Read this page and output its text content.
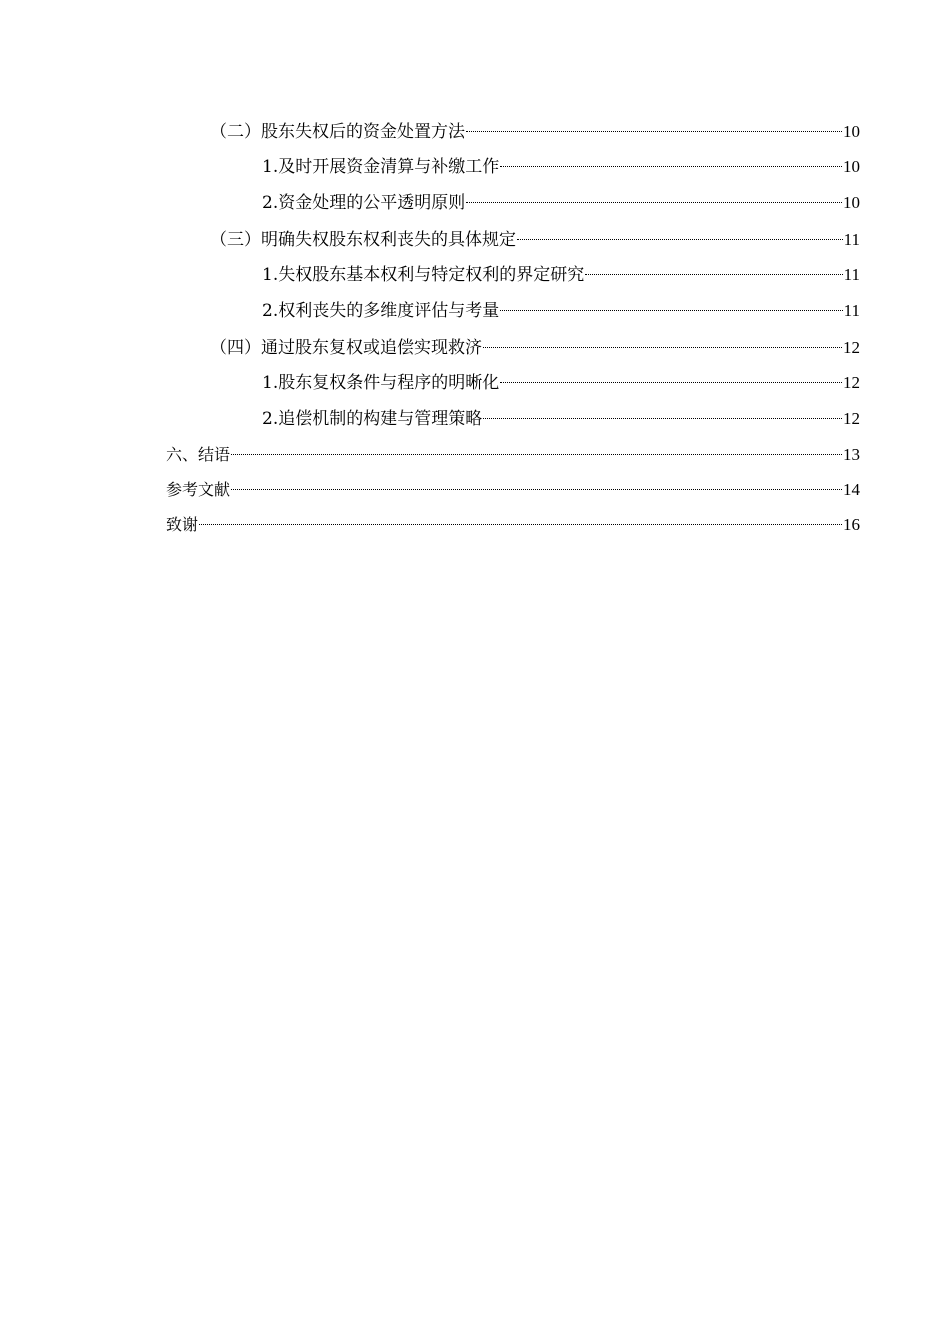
（二）股东失权后的资金处置方法	10
1.及时开展资金清算与补缴工作	10
2.资金处理的公平透明原则	10
（三）明确失权股东权利丧失的具体规定	11
1.失权股东基本权利与特定权利的界定研究	11
2.权利丧失的多维度评估与考量	11
（四）通过股东复权或追偿实现救济	12
1.股东复权条件与程序的明晰化	12
2.追偿机制的构建与管理策略	12
六、结语	13
参考文献	14
致谢	16
